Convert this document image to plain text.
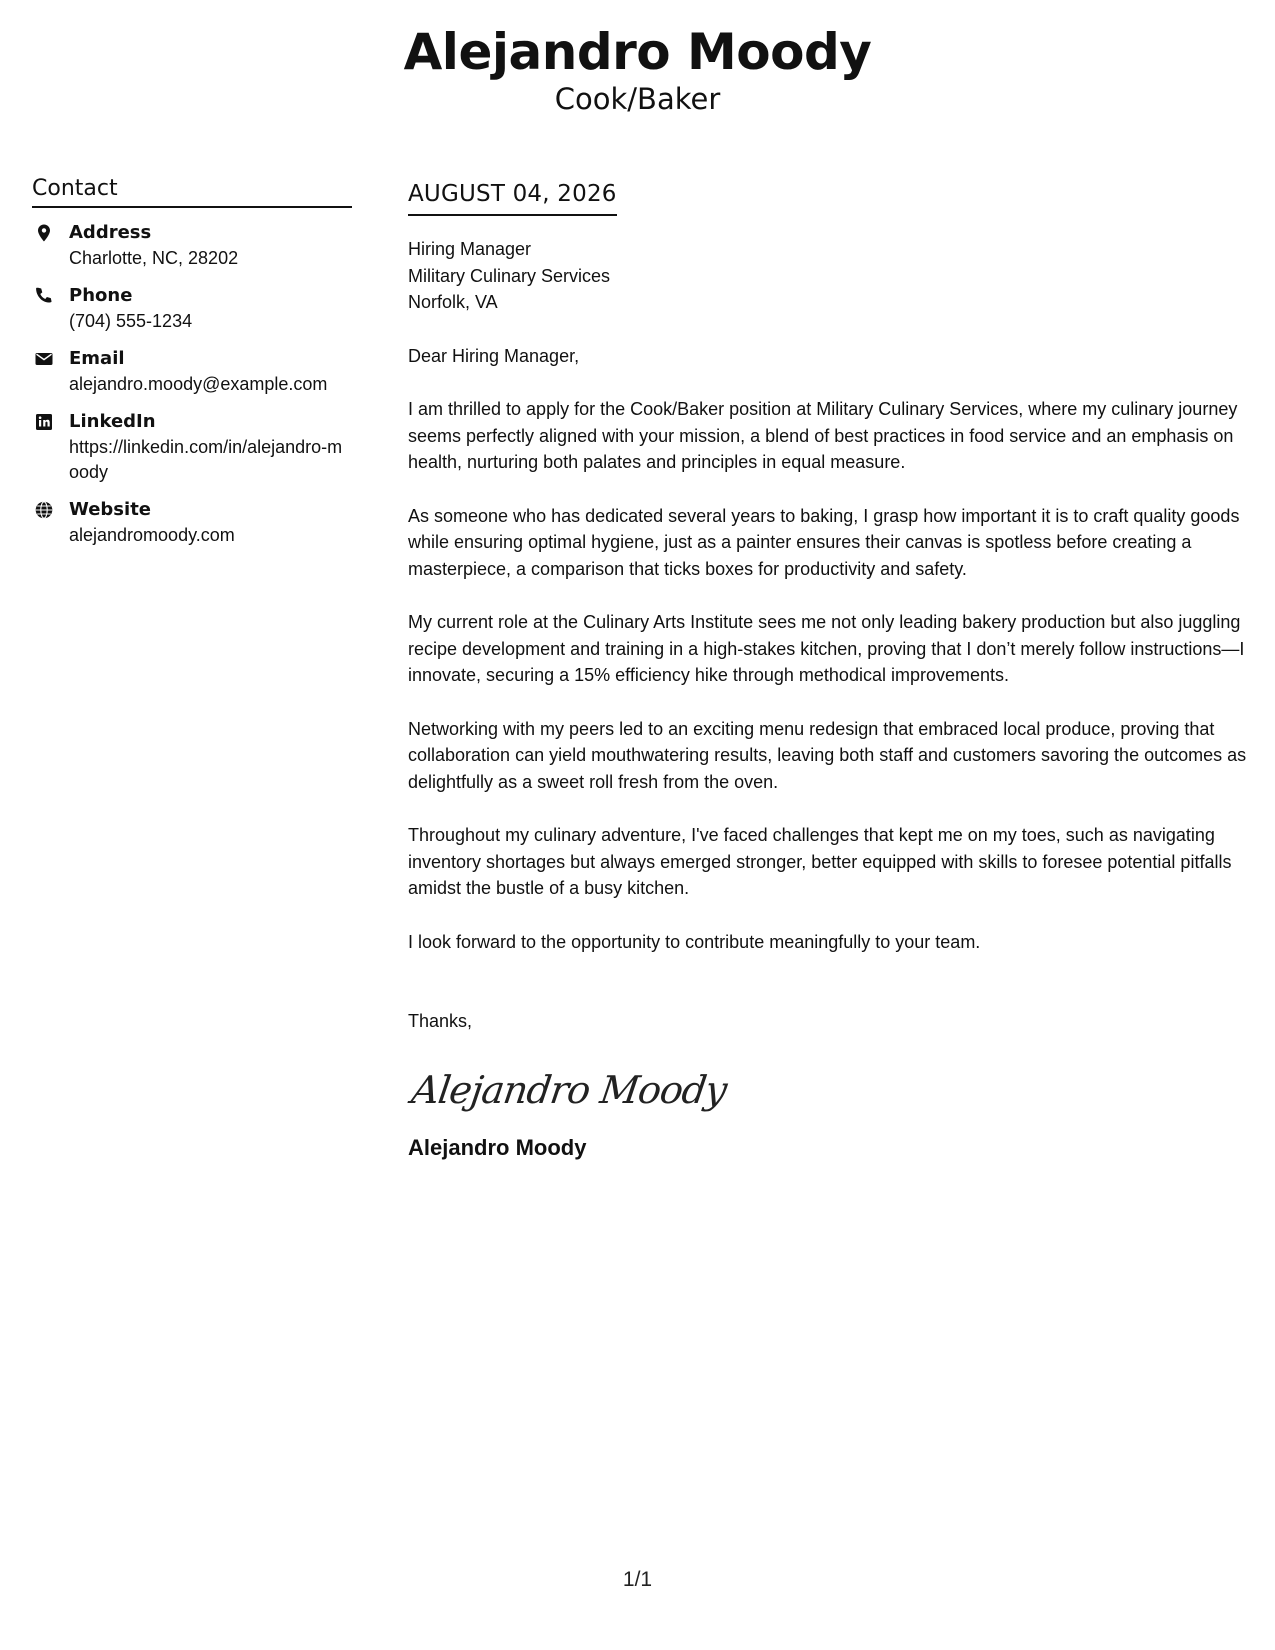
Alejandro Moody
Cook/Baker
Contact
Address
Charlotte, NC, 28202
Phone
(704) 555-1234
Email
alejandro.moody@example.com
LinkedIn
https://linkedin.com/in/alejandro-moody
Website
alejandromoody.com
AUGUST 04, 2026
Hiring Manager
Military Culinary Services
Norfolk, VA
Dear Hiring Manager,
I am thrilled to apply for the Cook/Baker position at Military Culinary Services, where my culinary journey seems perfectly aligned with your mission, a blend of best practices in food service and an emphasis on health, nurturing both palates and principles in equal measure.
As someone who has dedicated several years to baking, I grasp how important it is to craft quality goods while ensuring optimal hygiene, just as a painter ensures their canvas is spotless before creating a masterpiece, a comparison that ticks boxes for productivity and safety.
My current role at the Culinary Arts Institute sees me not only leading bakery production but also juggling recipe development and training in a high-stakes kitchen, proving that I don’t merely follow instructions—I innovate, securing a 15% efficiency hike through methodical improvements.
Networking with my peers led to an exciting menu redesign that embraced local produce, proving that collaboration can yield mouthwatering results, leaving both staff and customers savoring the outcomes as delightfully as a sweet roll fresh from the oven.
Throughout my culinary adventure, I've faced challenges that kept me on my toes, such as navigating inventory shortages but always emerged stronger, better equipped with skills to foresee potential pitfalls amidst the bustle of a busy kitchen.
I look forward to the opportunity to contribute meaningfully to your team.
Thanks,
Alejandro Moody
Alejandro Moody
1/1
